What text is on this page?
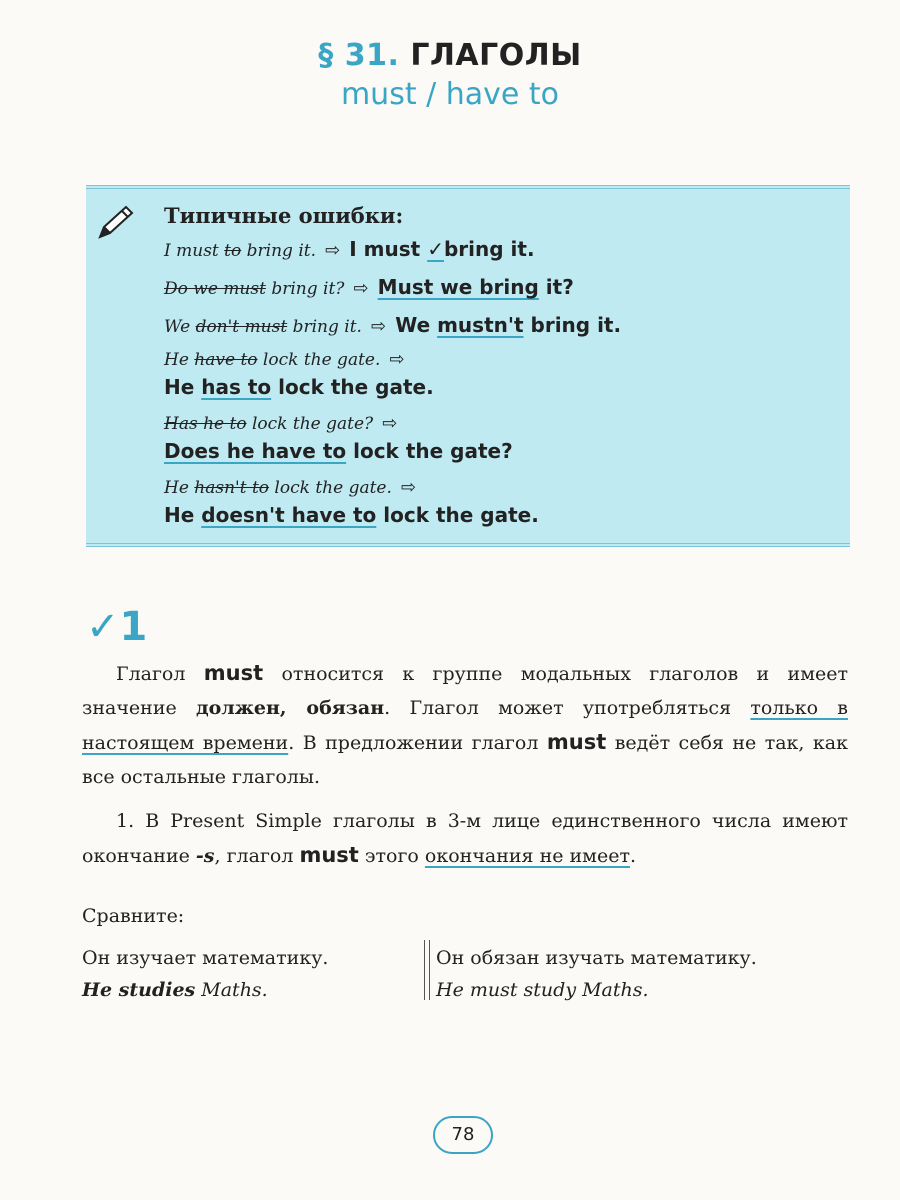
§ 31. ГЛАГОЛЫ
must / have to
Типичные ошибки:
I must to bring it. ⇨ I must ✓bring it.
Do we must bring it? ⇨ Must we bring it?
We don't must bring it. ⇨ We mustn't bring it.
He have to lock the gate. ⇨
He has to lock the gate.
Has he to lock the gate? ⇨
Does he have to lock the gate?
He hasn't to lock the gate. ⇨
He doesn't have to lock the gate.
✓1
Глагол must относится к группе модальных глаголов и имеет значение должен, обязан. Глагол может употребляться только в настоящем времени. В предложении глагол must ведёт себя не так, как все остальные глаголы.
1. В Present Simple глаголы в 3-м лице единственного числа имеют окончание -s, глагол must этого окончания не имеет.
Сравните:
Он изучает математику.
He studies Maths.
Он обязан изучать математику.
He must study Maths.
78
